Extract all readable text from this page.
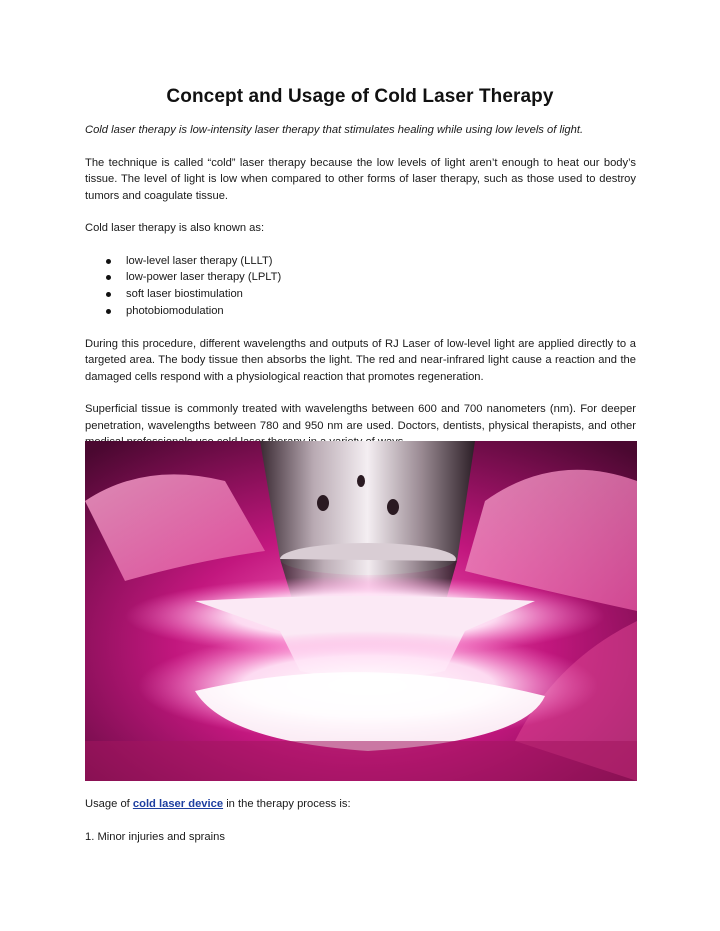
Concept and Usage of Cold Laser Therapy

Cold laser therapy is low-intensity laser therapy that stimulates healing while using low levels of light.

The technique is called “cold” laser therapy because the low levels of light aren’t enough to heat our body’s tissue. The level of light is low when compared to other forms of laser therapy, such as those used to destroy tumors and coagulate tissue.

Cold laser therapy is also known as:

low-level laser therapy (LLLT)
low-power laser therapy (LPLT)
soft laser biostimulation
photobiomodulation

During this procedure, different wavelengths and outputs of RJ Laser of low-level light are applied directly to a targeted area. The body tissue then absorbs the light. The red and near-infrared light cause a reaction and the damaged cells respond with a physiological reaction that promotes regeneration.

Superficial tissue is commonly treated with wavelengths between 600 and 700 nanometers (nm). For deeper penetration, wavelengths between 780 and 950 nm are used. Doctors, dentists, physical therapists, and other

Usage of cold laser device in the therapy process is:
1. Minor injuries and sprains
